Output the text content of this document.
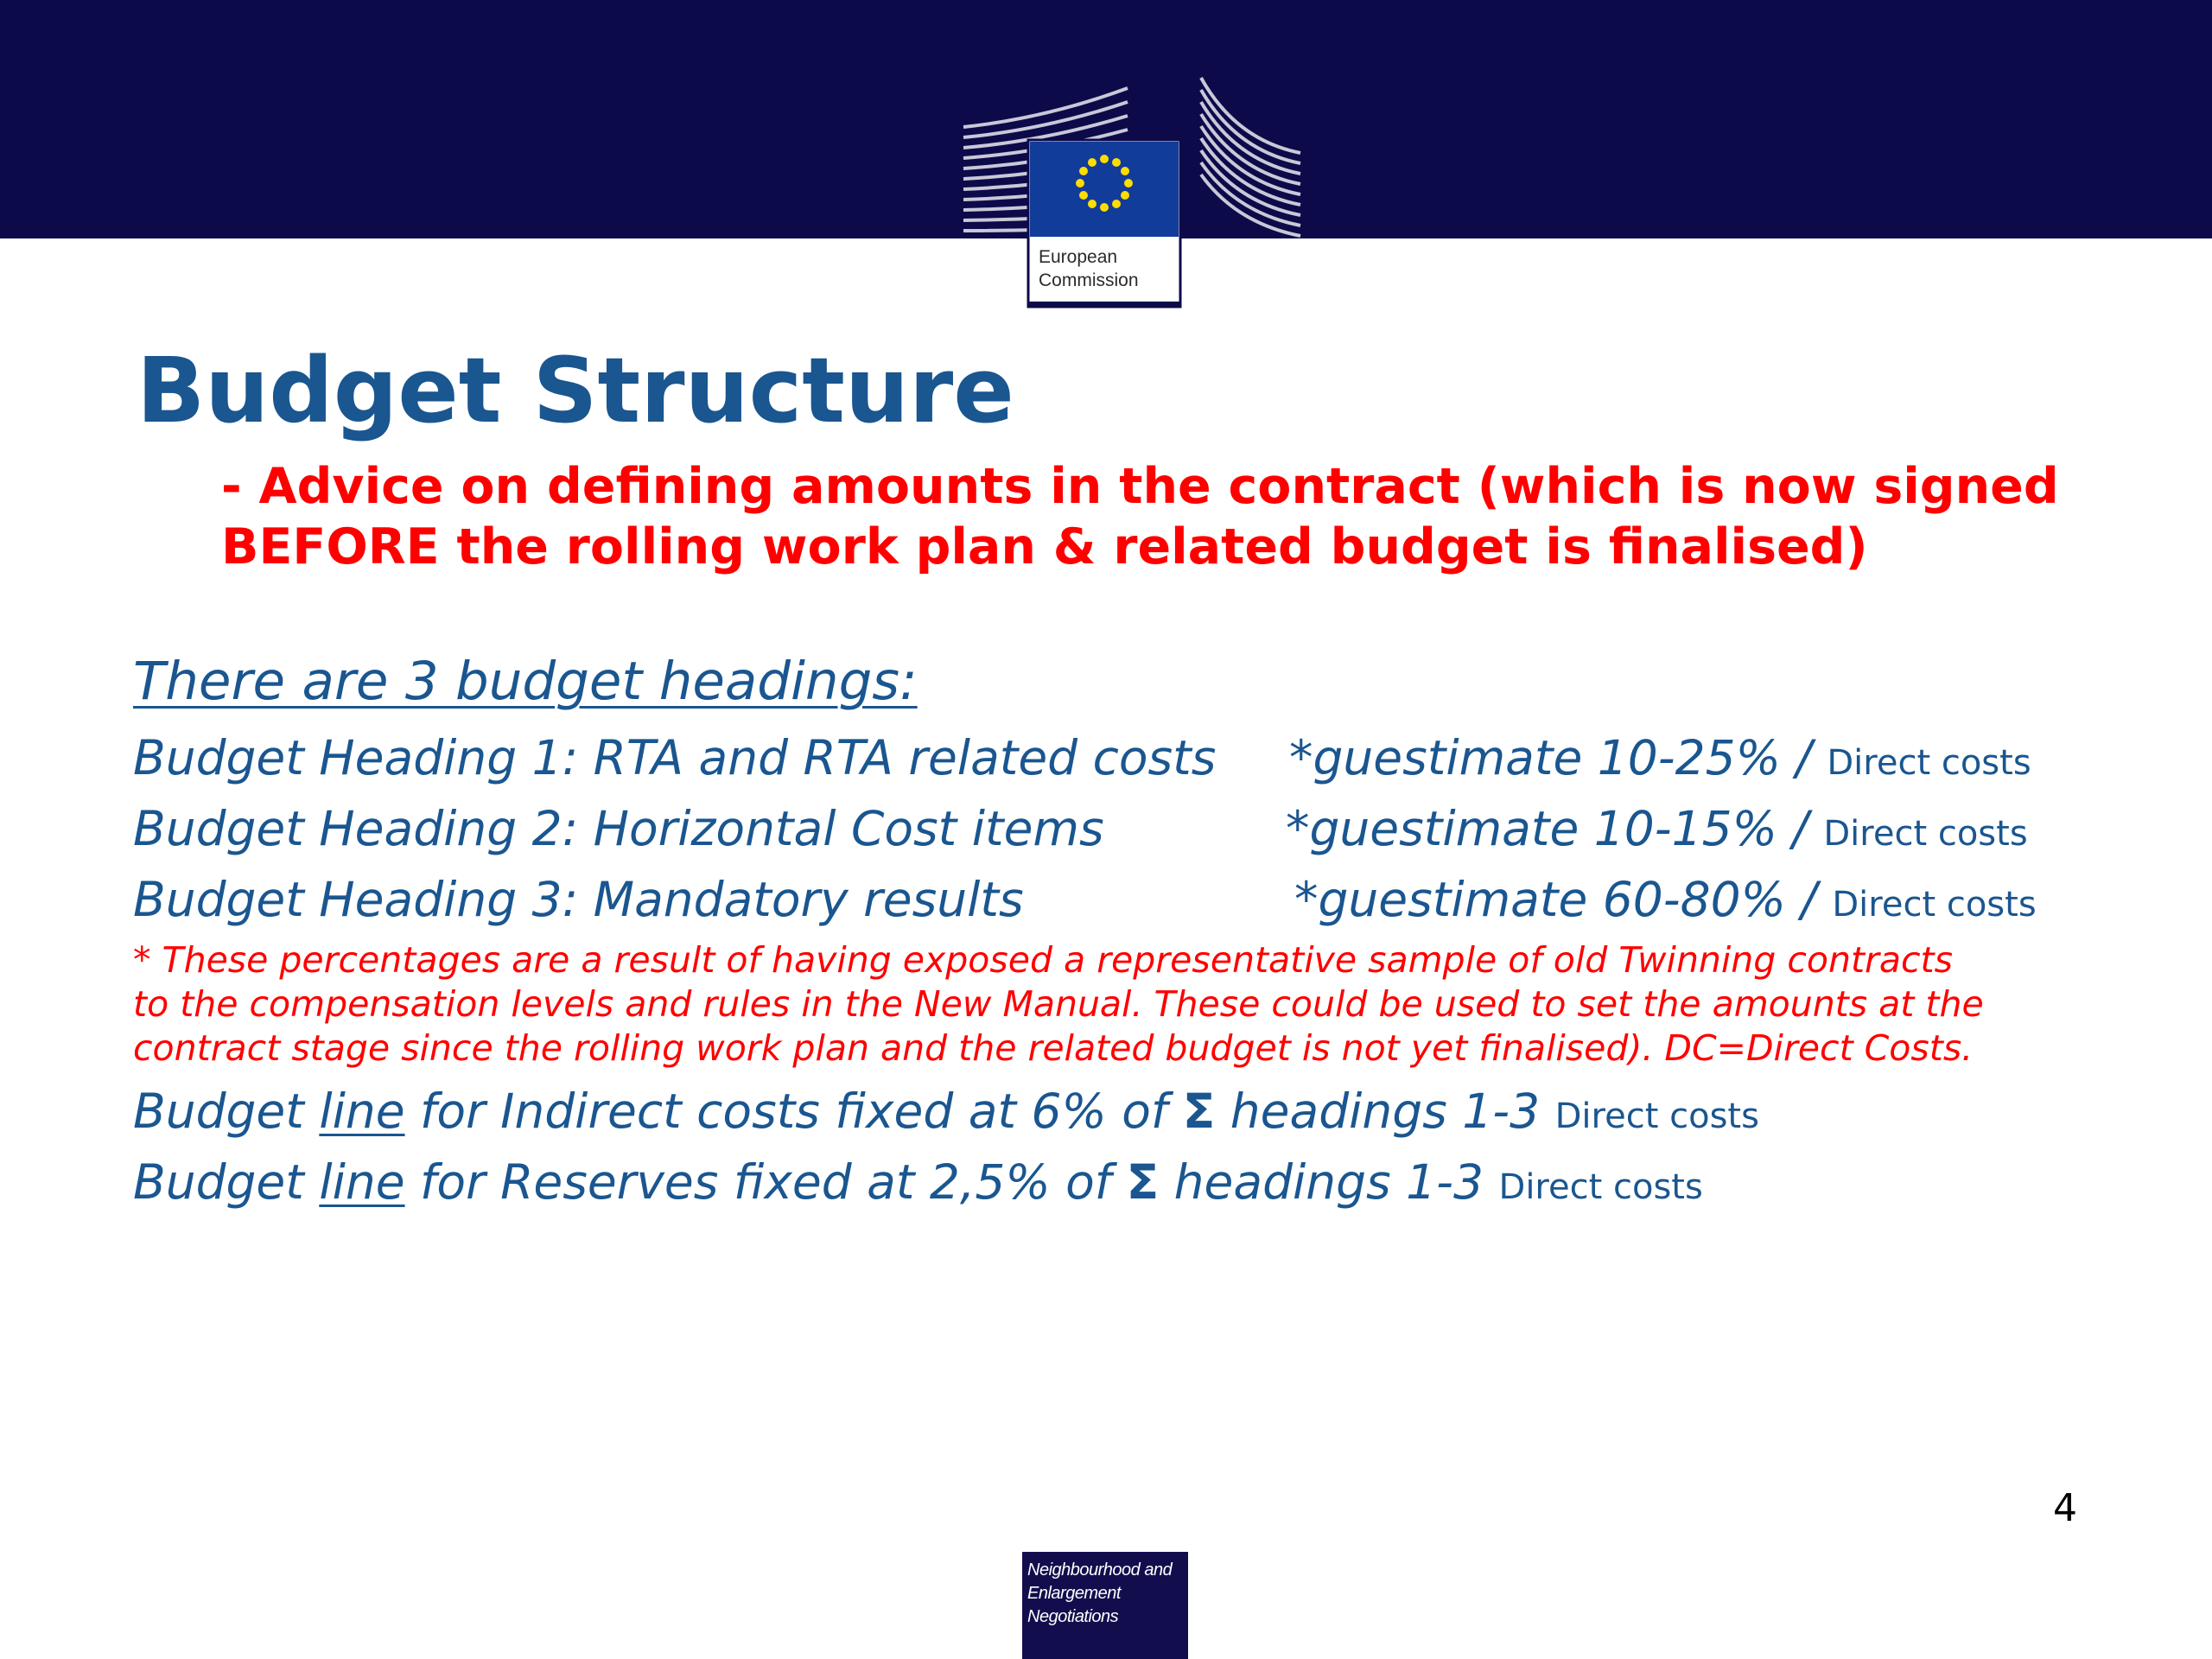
European
Commission
Budget Structure
- Advice on defining amounts in the contract (which is now signed
BEFORE the rolling work plan & related budget is finalised)
There are 3 budget headings:
Budget Heading 1: RTA and RTA related costs *guestimate 10-25% / Direct costs
Budget Heading 2: Horizontal Cost items	*guestimate 10-15% / Direct costs
Budget Heading 3: Mandatory results	*guestimate 60-80% / Direct costs
* These percentages are a result of having exposed a representative sample of old Twinning contracts
to the compensation levels and rules in the New Manual. These could be used to set the amounts at the
contract stage since the rolling work plan and the related budget is not yet finalised). DC=Direct Costs.
Budget line for Indirect costs fixed at 6% of Σ headings 1-3 Direct costs
Budget line for Reserves fixed at 2,5% of Σ headings 1-3 Direct costs
4
Neighbourhood and
Enlargement
Negotiations
